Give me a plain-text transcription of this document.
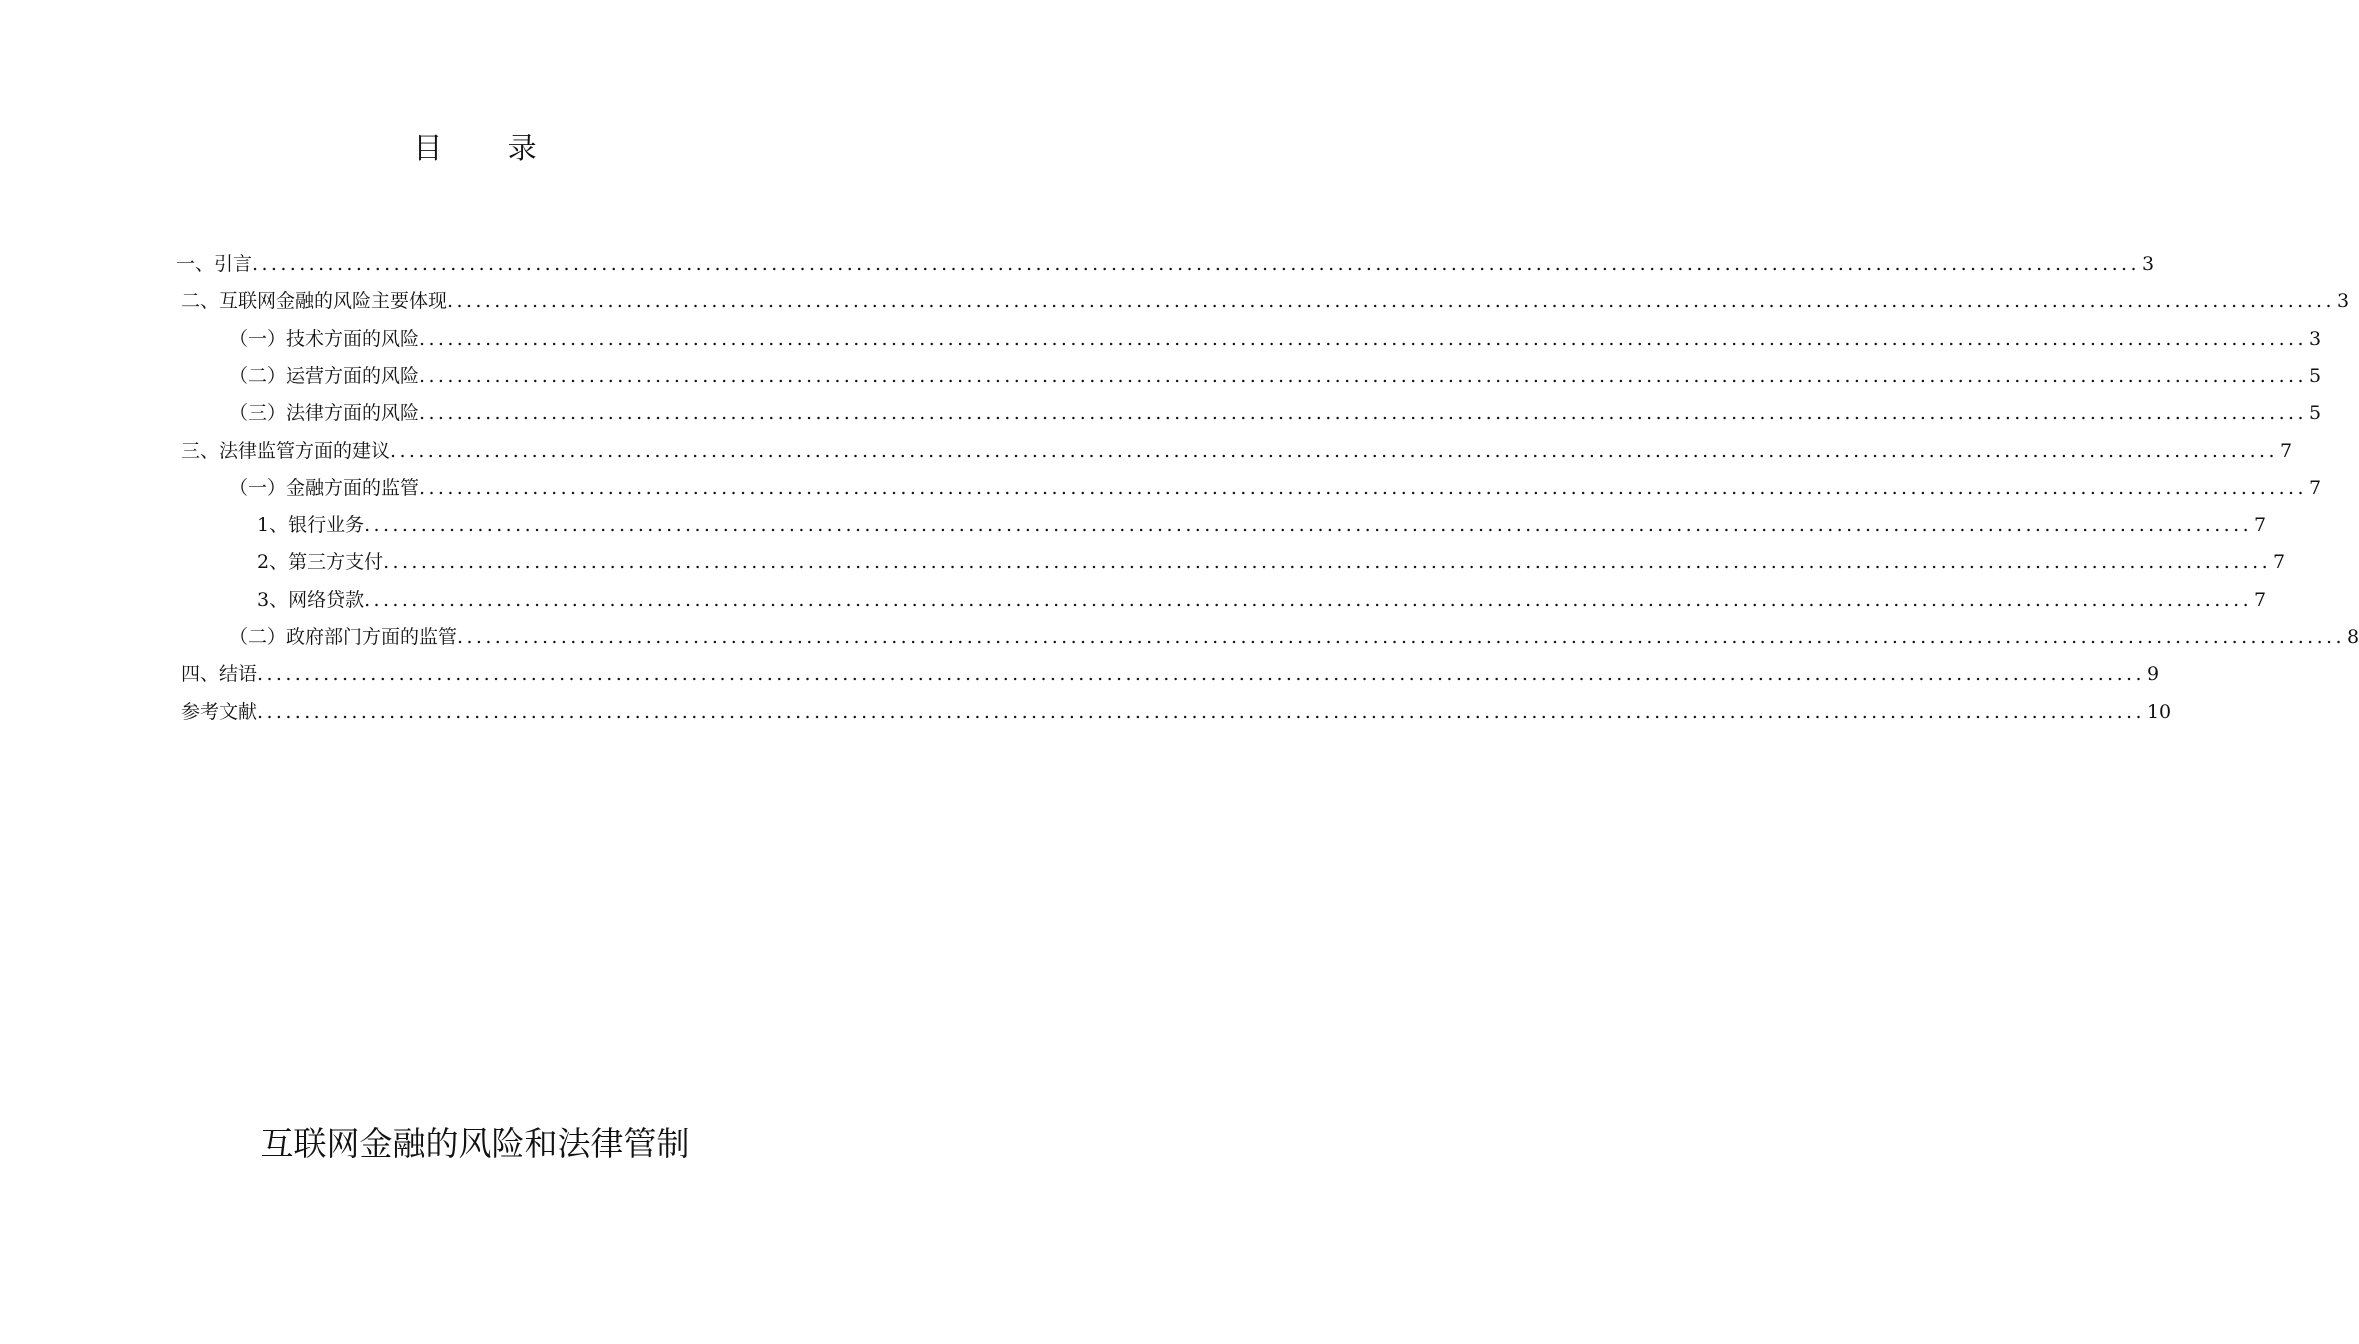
目 录
一、引言 ........................................................................................................................................................................................................ 3
二、互联网金融的风险主要体现 ........................................................................................................................................................................................................ 3
（一）技术方面的风险 ........................................................................................................................................................................................................ 3
（二）运营方面的风险 ........................................................................................................................................................................................................ 5
（三）法律方面的风险 ........................................................................................................................................................................................................ 5
三、法律监管方面的建议 ........................................................................................................................................................................................................ 7
（一）金融方面的监管 ........................................................................................................................................................................................................ 7
1、银行业务 ........................................................................................................................................................................................................ 7
2、第三方支付 ........................................................................................................................................................................................................ 7
3、网络贷款 ........................................................................................................................................................................................................ 7
（二）政府部门方面的监管 ........................................................................................................................................................................................................ 8
四、结语 ........................................................................................................................................................................................................ 9
参考文献 ........................................................................................................................................................................................................ 10
互联网金融的风险和法律管制
